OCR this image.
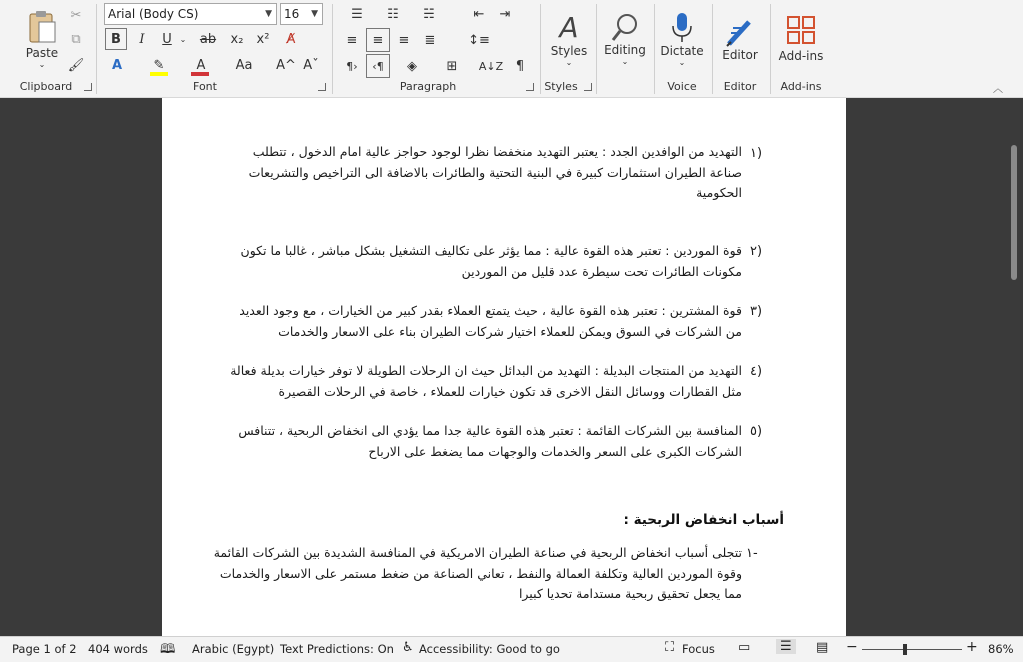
Paste
⌄
✂
⧉
🖌
Clipboard
Arial (Body CS)	▼ 16 ▼
B	I	U ⌄ ab	x₂	x²	A̸
A	✎	A	Aa	A^ Aˇ
Font
☰	☷	☵	⇤	⇥
≡	≡	≡	≣	↕≡
¶›	‹¶	◈	⊞	A↓Z ¶
Paragraph
A
Styles
⌄
Styles
Editing
⌄
Dictate
⌄
Voice
Editor
Editor
Add-ins
Add-ins	︿
١)
التهديد من الوافدين الجدد : يعتبر التهديد منخفضا نظرا لوجود حواجز عالية امام الدخول ، تتطلب
صناعة الطيران استثمارات كبيرة في البنية التحتية والطائرات بالاضافة الى التراخيص والتشريعات
الحكومية
٢)
قوة الموردين : تعتبر هذه القوة عالية : مما يؤثر على تكاليف التشغيل بشكل مباشر ، غالبا ما تكون
مكونات الطائرات تحت سيطرة عدد قليل من الموردين
٣)
قوة المشترين : تعتبر هذه القوة عالية ، حيث يتمتع العملاء بقدر كبير من الخيارات ، مع وجود العديد
من الشركات في السوق ويمكن للعملاء اختيار شركات الطيران بناء على الاسعار والخدمات
٤)
التهديد من المنتجات البديلة : التهديد من البدائل حيث ان الرحلات الطويلة لا توفر خيارات بديلة فعالة
مثل القطارات ووسائل النقل الاخرى قد تكون خيارات للعملاء ، خاصة في الرحلات القصيرة
٥)
المنافسة بين الشركات القائمة : تعتبر هذه القوة عالية جدا مما يؤدي الى انخفاض الربحية ، تتنافس
الشركات الكبرى على السعر والخدمات والوجهات مما يضغط على الارباح
أسباب انخفاض الربحية :
١-
تتجلى أسباب انخفاض الربحية في صناعة الطيران الامريكية في المنافسة الشديدة بين الشركات القائمة
وقوة الموردين العالية وتكلفة العمالة والنفط ، تعاني الصناعة من ضغط مستمر على الاسعار والخدمات
مما يجعل تحقيق ربحية مستدامة تحديا كبيرا
Page 1 of 2 404 words 🕮 Arabic (Egypt) Text Predictions: On ♿ Accessibility: Good to go	⛶ Focus ▭	☰	▤ −	+ 86%
